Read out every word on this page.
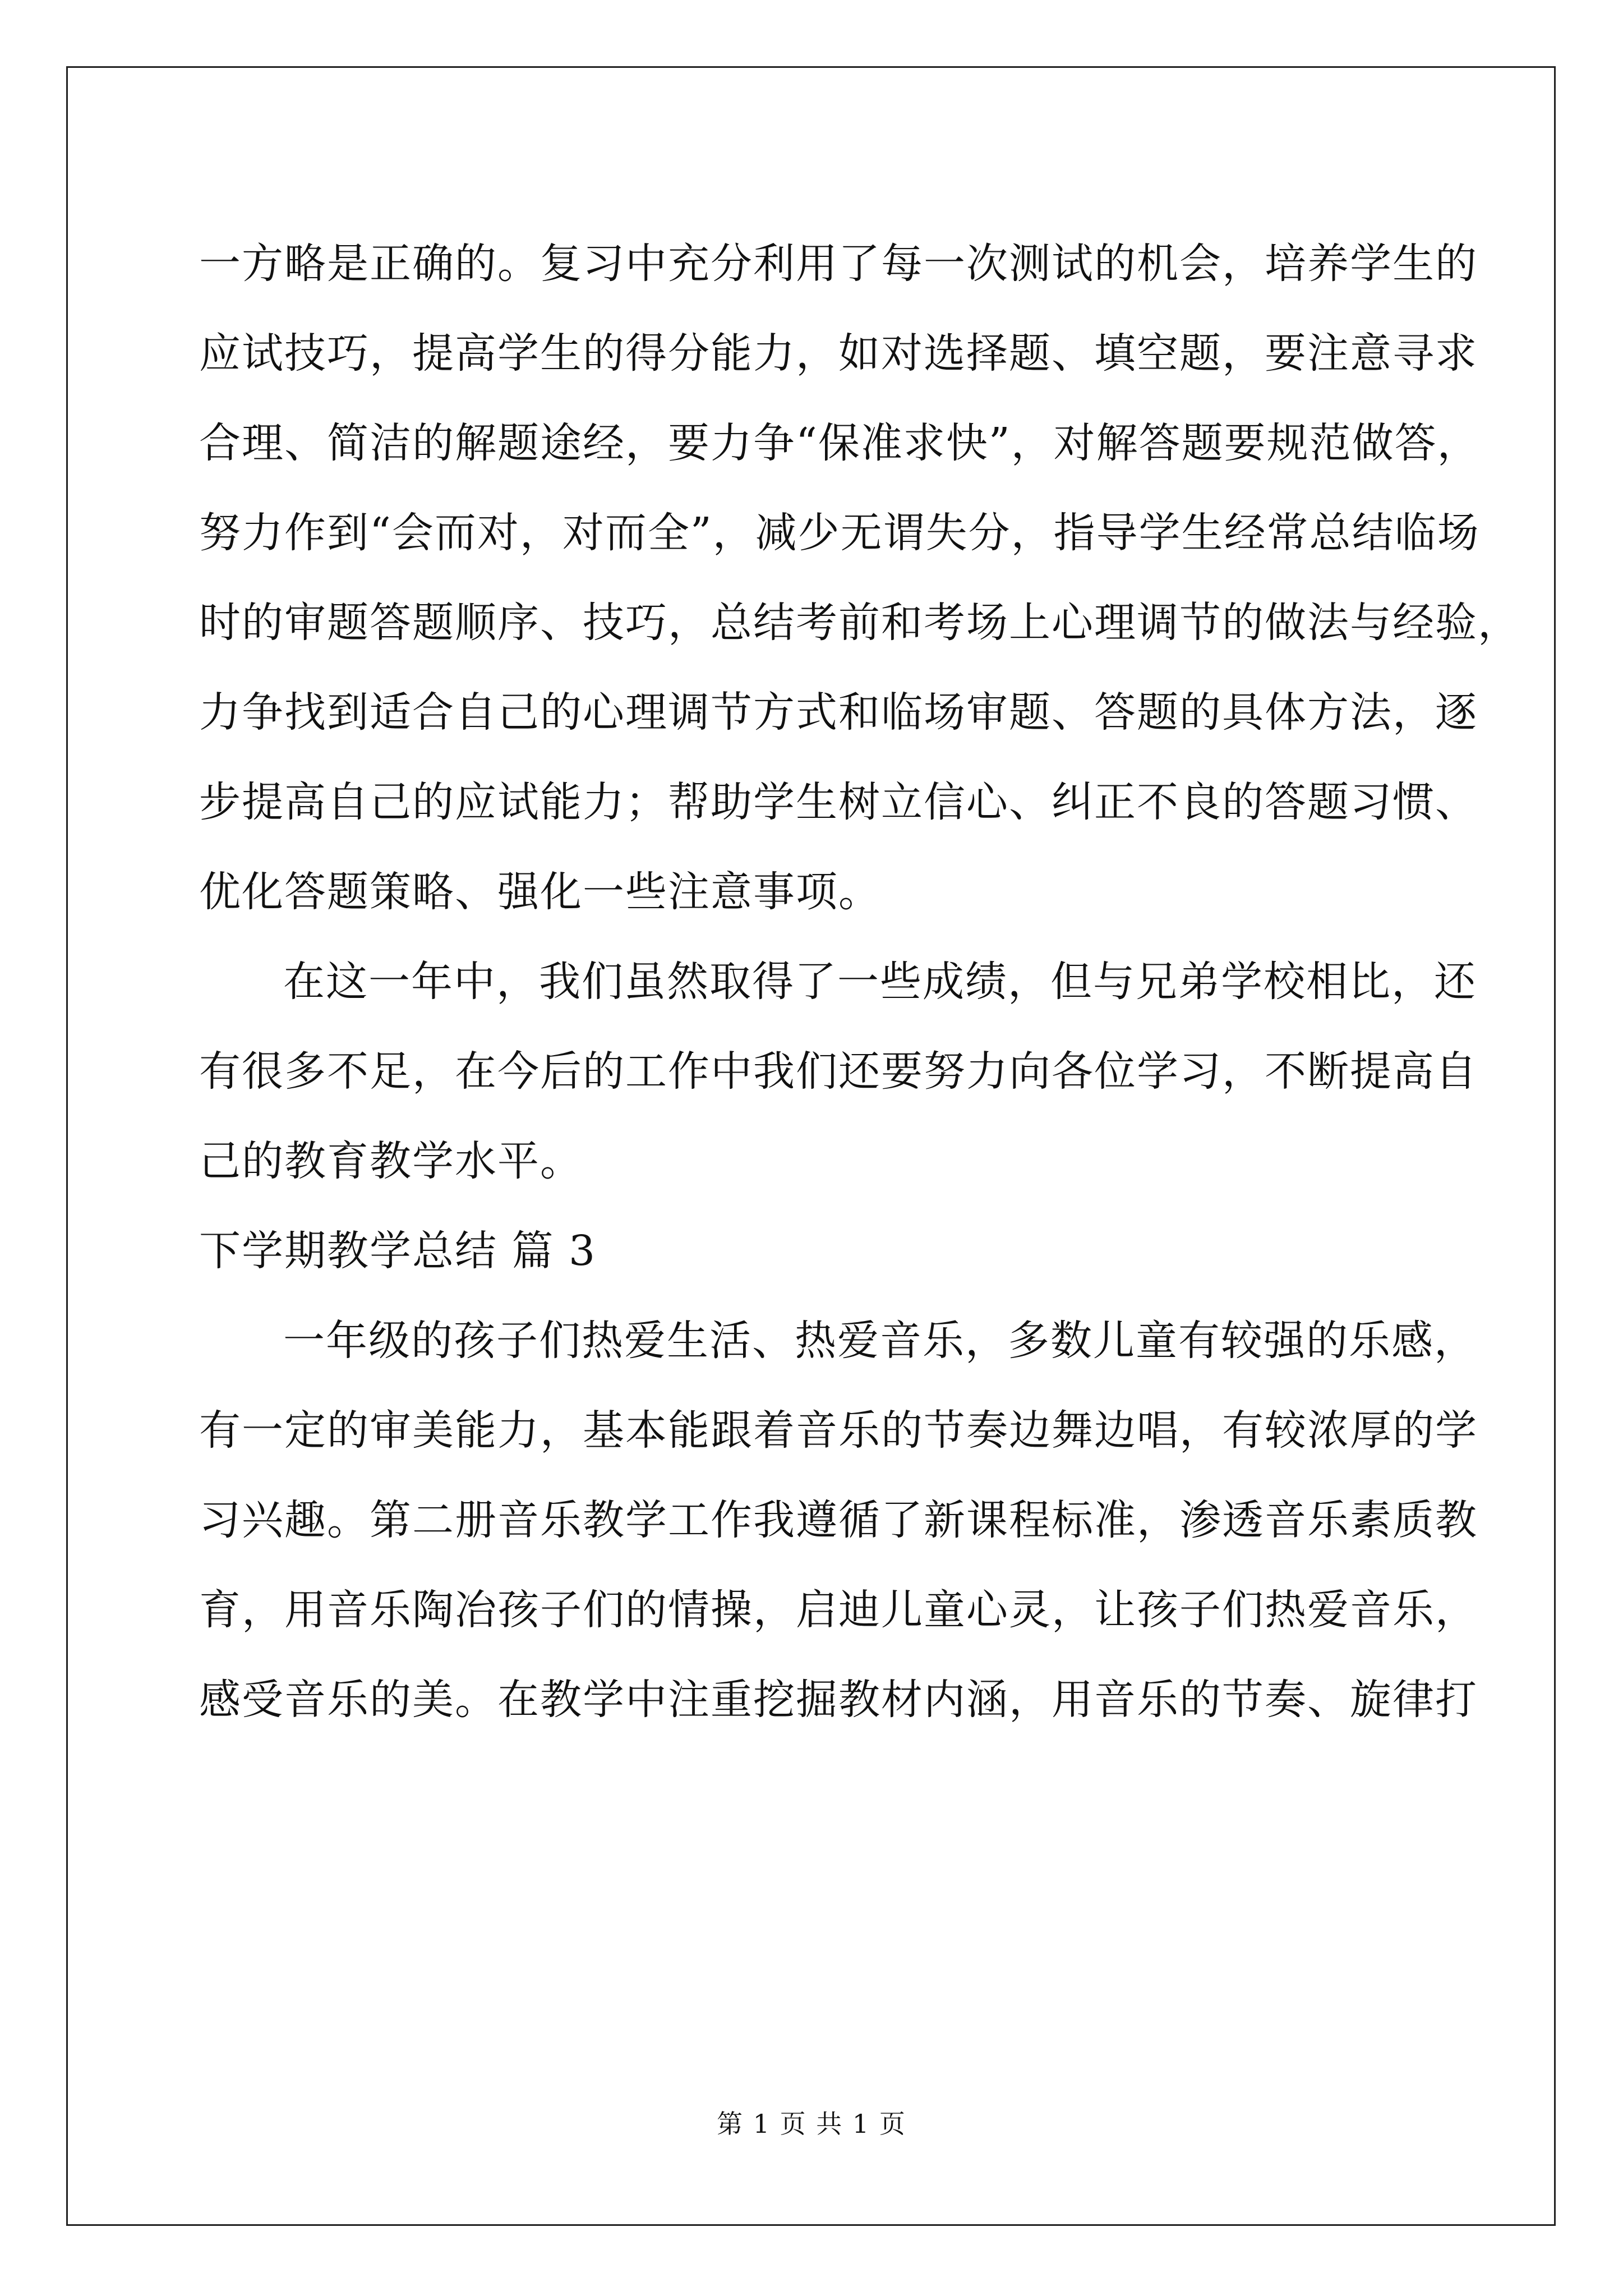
一方略是正确的。复习中充分利用了每一次测试的机会，培养学生的
应试技巧，提高学生的得分能力，如对选择题、填空题，要注意寻求
合理、简洁的解题途经，要力争“保准求快”，对解答题要规范做答，
努力作到“会而对，对而全”，减少无谓失分，指导学生经常总结临场
时的审题答题顺序、技巧，总结考前和考场上心理调节的做法与经验，
力争找到适合自己的心理调节方式和临场审题、答题的具体方法，逐
步提高自己的应试能力；帮助学生树立信心、纠正不良的答题习惯、
优化答题策略、强化一些注意事项。
在这一年中，我们虽然取得了一些成绩，但与兄弟学校相比，还
有很多不足，在今后的工作中我们还要努力向各位学习，不断提高自
己的教育教学水平。
下学期教学总结 篇 3
一年级的孩子们热爱生活、热爱音乐，多数儿童有较强的乐感，
有一定的审美能力，基本能跟着音乐的节奏边舞边唱，有较浓厚的学
习兴趣。第二册音乐教学工作我遵循了新课程标准，渗透音乐素质教
育，用音乐陶冶孩子们的情操，启迪儿童心灵，让孩子们热爱音乐，
感受音乐的美。在教学中注重挖掘教材内涵，用音乐的节奏、旋律打
第 1 页 共 1 页
